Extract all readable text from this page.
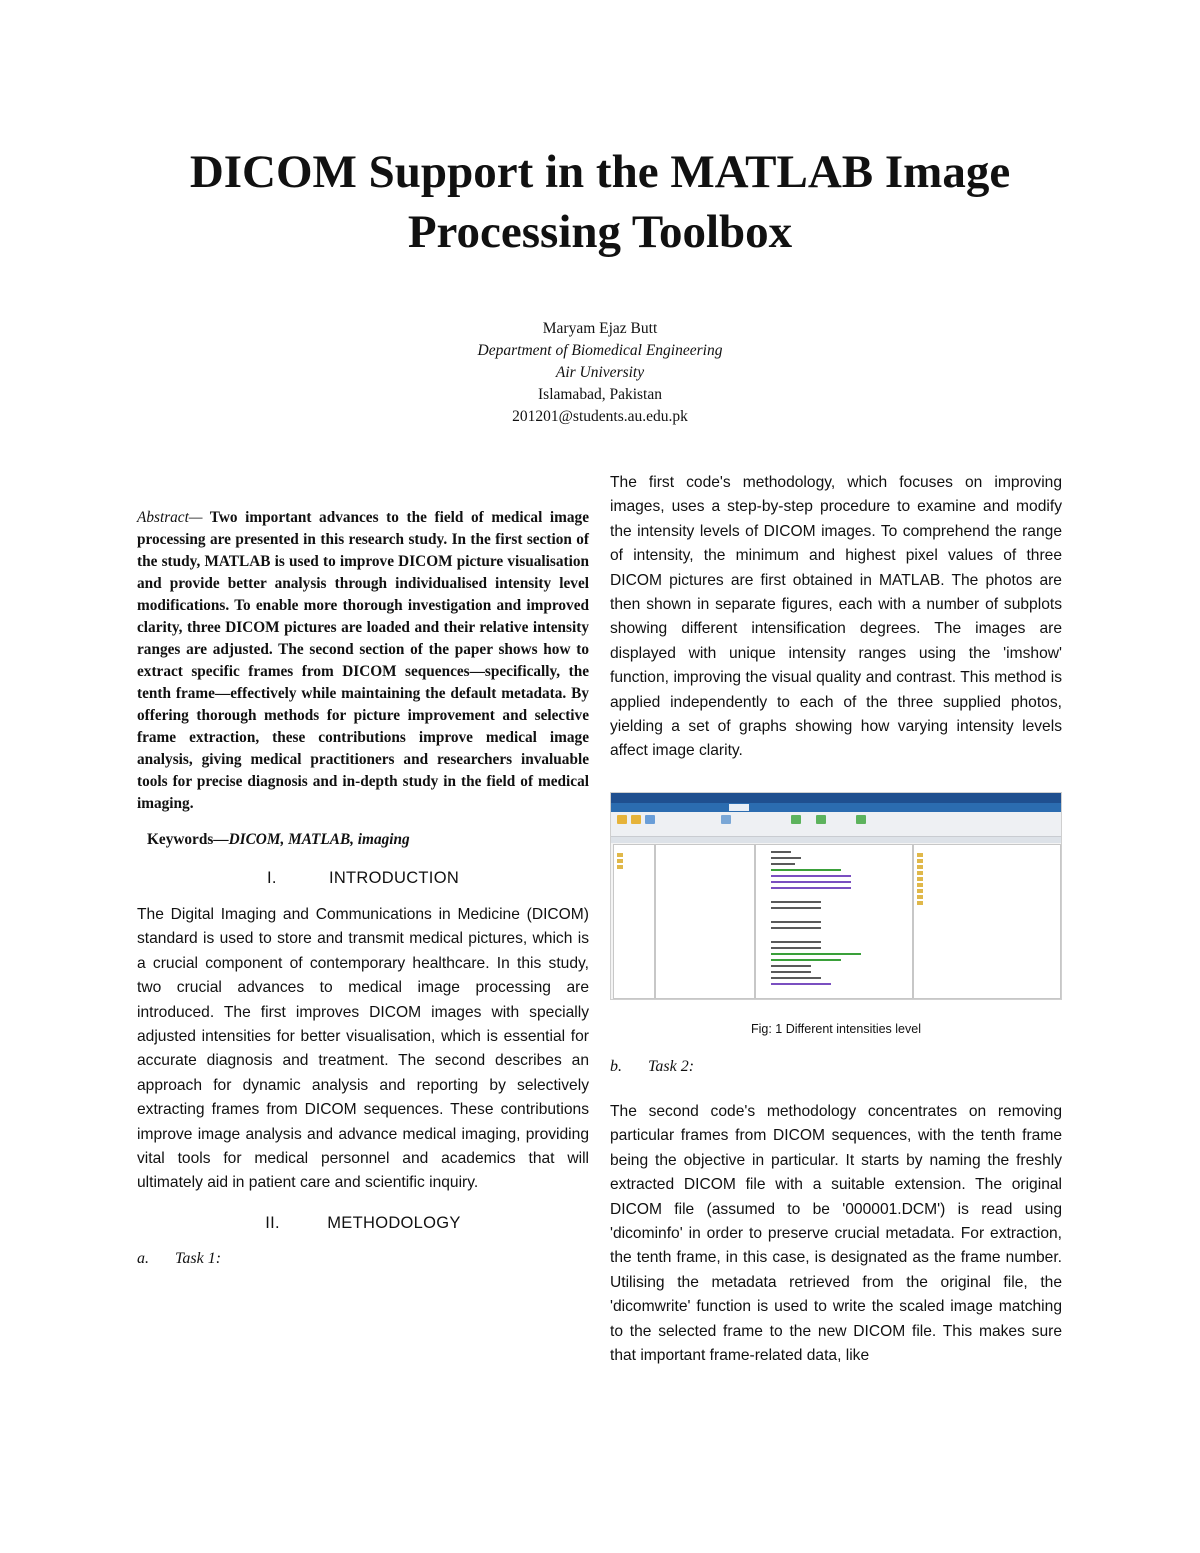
DICOM Support in the MATLAB Image
Processing Toolbox
Maryam Ejaz Butt
Department of Biomedical Engineering
Air University
Islamabad, Pakistan
201201@students.au.edu.pk

Abstract— Two important advances to the field of medical image processing are presented in this research study. In the first section of the study, MATLAB is used to improve DICOM picture visualisation and provide better analysis through individualised intensity level modifications. To enable more thorough investigation and improved clarity, three DICOM pictures are loaded and their relative intensity ranges are adjusted. The second section of the paper shows how to extract specific frames from DICOM sequences—specifically, the tenth frame—effectively while maintaining the default metadata. By offering thorough methods for picture improvement and selective frame extraction, these contributions improve medical image analysis, giving medical practitioners and researchers invaluable tools for precise diagnosis and in-depth study in the field of medical imaging.

Keywords—DICOM, MATLAB, imaging

I.	INTRODUCTION

The Digital Imaging and Communications in Medicine (DICOM) standard is used to store and transmit medical pictures, which is a crucial component of contemporary healthcare. In this study, two crucial advances to medical image processing are introduced. The first improves DICOM images with specially adjusted intensities for better visualisation, which is essential for accurate diagnosis and treatment. The second describes an approach for dynamic analysis and reporting by selectively extracting frames from DICOM sequences. These contributions improve image analysis and advance medical imaging, providing vital tools for medical personnel and academics that will ultimately aid in patient care and scientific inquiry.

II.	METHODOLOGY
a. Task 1:

The first code's methodology, which focuses on improving images, uses a step-by-step procedure to examine and modify the intensity levels of DICOM images. To comprehend the range of intensity, the minimum and highest pixel values of three DICOM pictures are first obtained in MATLAB. The photos are then shown in separate figures, each with a number of subplots showing different intensification degrees. The images are displayed with unique intensity ranges using the 'imshow' function, improving the visual quality and contrast. This method is applied independently to each of the three supplied photos, yielding a set of graphs showing how varying intensity levels affect image clarity.

Fig: 1 Different intensities level
b. Task 2:

The second code's methodology concentrates on removing particular frames from DICOM sequences, with the tenth frame being the objective in particular. It starts by naming the freshly extracted DICOM file with a suitable extension. The original DICOM file (assumed to be '000001.DCM') is read using 'dicominfo' in order to preserve crucial metadata. For extraction, the tenth frame, in this case, is designated as the frame number. Utilising the metadata retrieved from the original file, the 'dicomwrite' function is used to write the scaled image matching to the selected frame to the new DICOM file. This makes sure that important frame-related data, like
